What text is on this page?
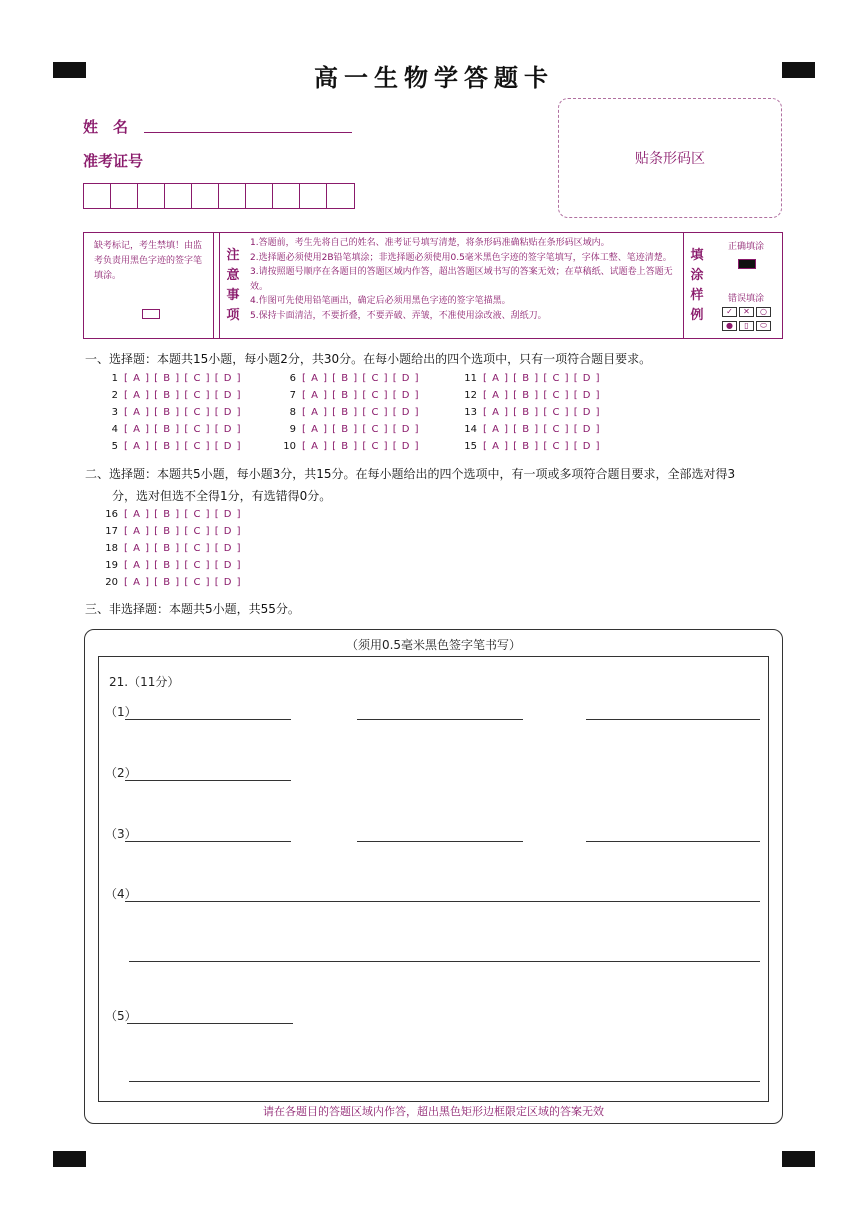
高一生物学答题卡
姓　名
准考证号	贴条形码区
缺考标记，考生禁填！由监考负责用黑色字迹的签字笔填涂。
注
意
事
项
1.答题前，考生先将自己的姓名、准考证号填写清楚，将条形码准确粘贴在条形码区域内。
2.选择题必须使用2B铅笔填涂；非选择题必须使用0.5毫米黑色字迹的签字笔填写，字体工整、笔迹清楚。
3.请按照题号顺序在各题目的答题区域内作答，超出答题区域书写的答案无效；在草稿纸、试题卷上答题无效。
4.作图可先使用铅笔画出，确定后必须用黑色字迹的签字笔描黑。
5.保持卡面清洁，不要折叠，不要弄破、弄皱，不准使用涂改液、刮纸刀。
填
涂
样
例
正确填涂
错误填涂
✓	✕	○
●	▯	⬭
一、选择题：本题共15小题，每小题2分，共30分。在每小题给出的四个选项中，只有一项符合题目要求。
1 [ A ] [ B ] [ C ] [ D ]
2 [ A ] [ B ] [ C ] [ D ]
3 [ A ] [ B ] [ C ] [ D ]
4 [ A ] [ B ] [ C ] [ D ]
5 [ A ] [ B ] [ C ] [ D ]
6 [ A ] [ B ] [ C ] [ D ]
7 [ A ] [ B ] [ C ] [ D ]
8 [ A ] [ B ] [ C ] [ D ]
9 [ A ] [ B ] [ C ] [ D ]
10 [ A ] [ B ] [ C ] [ D ]
11 [ A ] [ B ] [ C ] [ D ]
12 [ A ] [ B ] [ C ] [ D ]
13 [ A ] [ B ] [ C ] [ D ]
14 [ A ] [ B ] [ C ] [ D ]
15 [ A ] [ B ] [ C ] [ D ]
二、选择题：本题共5小题，每小题3分，共15分。在每小题给出的四个选项中，有一项或多项符合题目要求，全部选对得3
分，选对但选不全得1分，有选错得0分。
16 [ A ] [ B ] [ C ] [ D ]
17 [ A ] [ B ] [ C ] [ D ]
18 [ A ] [ B ] [ C ] [ D ]
19 [ A ] [ B ] [ C ] [ D ]
20 [ A ] [ B ] [ C ] [ D ]
三、非选择题：本题共5小题，共55分。
（须用0.5毫米黑色签字笔书写）
21.（11分）
（1）
（2）
（3）
（4）
（5）
请在各题目的答题区域内作答，超出黑色矩形边框限定区域的答案无效
